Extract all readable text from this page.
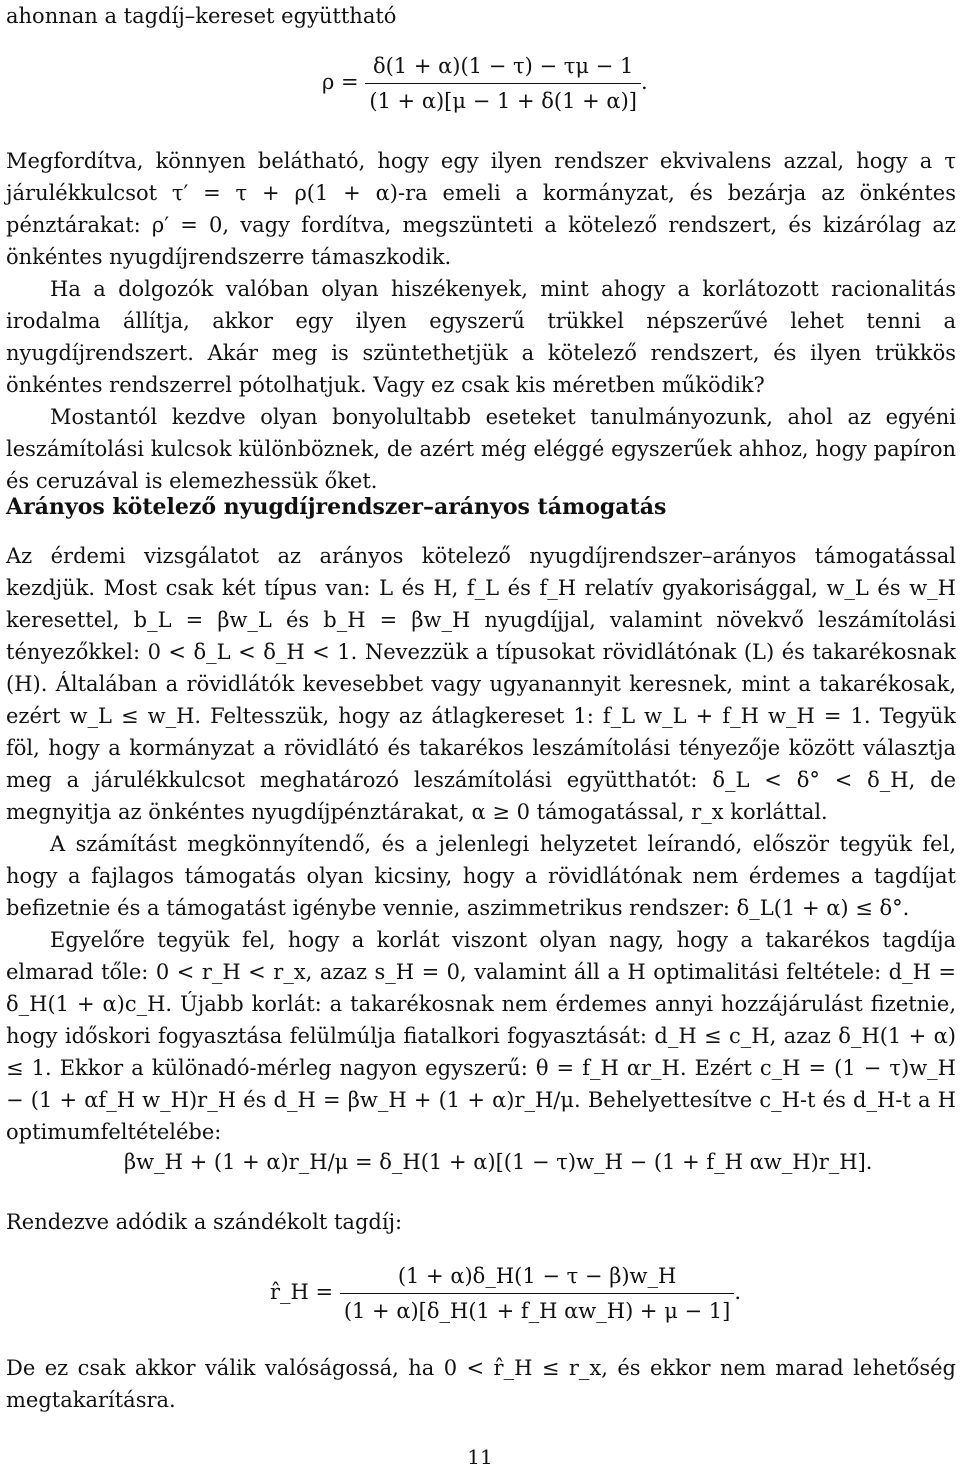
ahonnan a tagdíj–kereset együttható
$\rho = \frac{\delta(1 + \alpha)(1 - \tau) - \tau\mu - 1}{(1 + \alpha)[\mu - 1 + \delta(1 + \alpha)]}$ .

Megfordítva, könnyen belátható, hogy egy ilyen rendszer ekvivalens azzal, hogy a τ járulékkulcsot τ′ = τ + ρ(1 + α)-ra emeli a kormányzat, és bezárja az önkéntes pénztárakat: ρ′ = 0, vagy fordítva, megszünteti a kötelező rendszert, és kizárólag az önkéntes nyugdíjrendszerre támaszkodik.

Ha a dolgozók valóban olyan hiszékenyek, mint ahogy a korlátozott racionalitás irodalma állítja, akkor egy ilyen egyszerű trükkel népszerűvé lehet tenni a nyugdíjrendszert. Akár meg is szüntethetjük a kötelező rendszert, és ilyen trükkös önkéntes rendszerrel pótolhatjuk. Vagy ez csak kis méretben működik?

Mostantól kezdve olyan bonyolultabb eseteket tanulmányozunk, ahol az egyéni leszámítolási kulcsok különböznek, de azért még eléggé egyszerűek ahhoz, hogy papíron és ceruzával is elemezhessük őket.

Arányos kötelező nyugdíjrendszer–arányos támogatás

Az érdemi vizsgálatot az arányos kötelező nyugdíjrendszer–arányos támogatással kezdjük. Most csak két típus van: L és H, f_L és f_H relatív gyakorisággal, w_L és w_H keresettel, b_L = βw_L és b_H = βw_H nyugdíjjal, valamint növekvő leszámítolási tényezőkkel: 0 < δ_L < δ_H < 1. Nevezzük a típusokat rövidlátónak (L) és takarékosnak (H). Általában a rövidlátók kevesebbet vagy ugyanannyit keresnek, mint a takarékosak, ezért w_L ≤ w_H. Feltesszük, hogy az átlagkereset 1: f_L w_L + f_H w_H = 1. Tegyük föl, hogy a kormányzat a rövidlátó és takarékos leszámítolási tényezője között választja meg a járulékkulcsot meghatározó leszámítolási együtthatót: δ_L < δ° < δ_H, de megnyitja az önkéntes nyugdíjpénztárakat, α ≥ 0 támogatással, r_x korláttal.

A számítást megkönnyítendő, és a jelenlegi helyzetet leírandó, először tegyük fel, hogy a fajlagos támogatás olyan kicsiny, hogy a rövidlátónak nem érdemes a tagdíjat befizetnie és a támogatást igénybe vennie, aszimmetrikus rendszer: δ_L(1 + α) ≤ δ°.

Egyelőre tegyük fel, hogy a korlát viszont olyan nagy, hogy a takarékos tagdíja elmarad tőle: 0 < r_H < r_x, azaz s_H = 0, valamint áll a H optimalitási feltétele: d_H = δ_H(1 + α)c_H. Újabb korlát: a takarékosnak nem érdemes annyi hozzájárulást fizetnie, hogy időskori fogyasztása felülmúlja fiatalkori fogyasztását: d_H ≤ c_H, azaz δ_H(1 + α) ≤ 1. Ekkor a különadó-mérleg nagyon egyszerű: θ = f_H αr_H. Ezért c_H = (1 − τ)w_H − (1 + αf_H w_H)r_H és d_H = βw_H + (1 + α)r_H/μ. Behelyettesítve c_H-t és d_H-t a H optimumfeltételébe:

βw_H + (1 + α)r_H/μ = δ_H(1 + α)[(1 − τ)w_H − (1 + f_H αw_H)r_H].

Rendezve adódik a szándékolt tagdíj:

r̂_H = $\frac{(1 + \alpha)\delta\_H(1 - \tau - \beta)w\_H}{\text{(1 + α)[δ\_H(1 + f\_H αw\_H) + μ − 1]}}$ .

De ez csak akkor válik valóságossá, ha 0 < r̂_H ≤ r_x, és ekkor nem marad lehetőség megtakarításra.

11
